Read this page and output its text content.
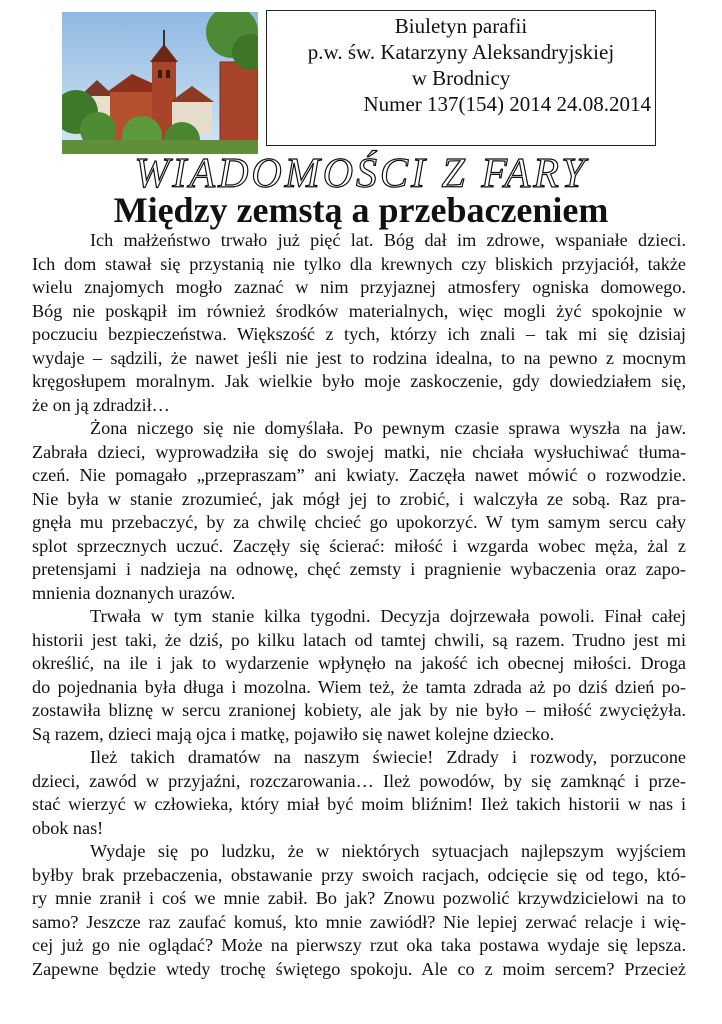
Biuletyn parafii
p.w. św. Katarzyny Aleksandryjskiej
w Brodnicy
Numer 137(154) 2014 24.08.2014
WIADOMOŚCI Z FARY
Między zemstą a przebaczeniem
Ich małżeństwo trwało już pięć lat. Bóg dał im zdrowe, wspaniałe dzieci.
Ich dom stawał się przystanią nie tylko dla krewnych czy bliskich przyjaciół, także
wielu znajomych mogło zaznać w nim przyjaznej atmosfery ogniska domowego.
Bóg nie poskąpił im również środków materialnych, więc mogli żyć spokojnie w
poczuciu bezpieczeństwa. Większość z tych, którzy ich znali – tak mi się dzisiaj
wydaje – sądzili, że nawet jeśli nie jest to rodzina idealna, to na pewno z mocnym
kręgosłupem moralnym. Jak wielkie było moje zaskoczenie, gdy dowiedziałem się,
że on ją zdradził…
Żona niczego się nie domyślała. Po pewnym czasie sprawa wyszła na jaw.
Zabrała dzieci, wyprowadziła się do swojej matki, nie chciała wysłuchiwać tłuma-
czeń. Nie pomagało „przepraszam” ani kwiaty. Zaczęła nawet mówić o rozwodzie.
Nie była w stanie zrozumieć, jak mógł jej to zrobić, i walczyła ze sobą. Raz pra-
gnęła mu przebaczyć, by za chwilę chcieć go upokorzyć. W tym samym sercu cały
splot sprzecznych uczuć. Zaczęły się ścierać: miłość i wzgarda wobec męża, żal z
pretensjami i nadzieja na odnowę, chęć zemsty i pragnienie wybaczenia oraz zapo-
mnienia doznanych urazów.
Trwała w tym stanie kilka tygodni. Decyzja dojrzewała powoli. Finał całej
historii jest taki, że dziś, po kilku latach od tamtej chwili, są razem. Trudno jest mi
określić, na ile i jak to wydarzenie wpłynęło na jakość ich obecnej miłości. Droga
do pojednania była długa i mozolna. Wiem też, że tamta zdrada aż po dziś dzień po-
zostawiła bliznę w sercu zranionej kobiety, ale jak by nie było – miłość zwyciężyła.
Są razem, dzieci mają ojca i matkę, pojawiło się nawet kolejne dziecko.
Ileż takich dramatów na naszym świecie! Zdrady i rozwody, porzucone
dzieci, zawód w przyjaźni, rozczarowania… Ileż powodów, by się zamknąć i prze-
stać wierzyć w człowieka, który miał być moim bliźnim! Ileż takich historii w nas i
obok nas!
Wydaje się po ludzku, że w niektórych sytuacjach najlepszym wyjściem
byłby brak przebaczenia, obstawanie przy swoich racjach, odcięcie się od tego, któ-
ry mnie zranił i coś we mnie zabił. Bo jak? Znowu pozwolić krzywdzicielowi na to
samo? Jeszcze raz zaufać komuś, kto mnie zawiódł? Nie lepiej zerwać relacje i wię-
cej już go nie oglądać? Może na pierwszy rzut oka taka postawa wydaje się lepsza.
Zapewne będzie wtedy trochę świętego spokoju. Ale co z moim sercem? Przecież
